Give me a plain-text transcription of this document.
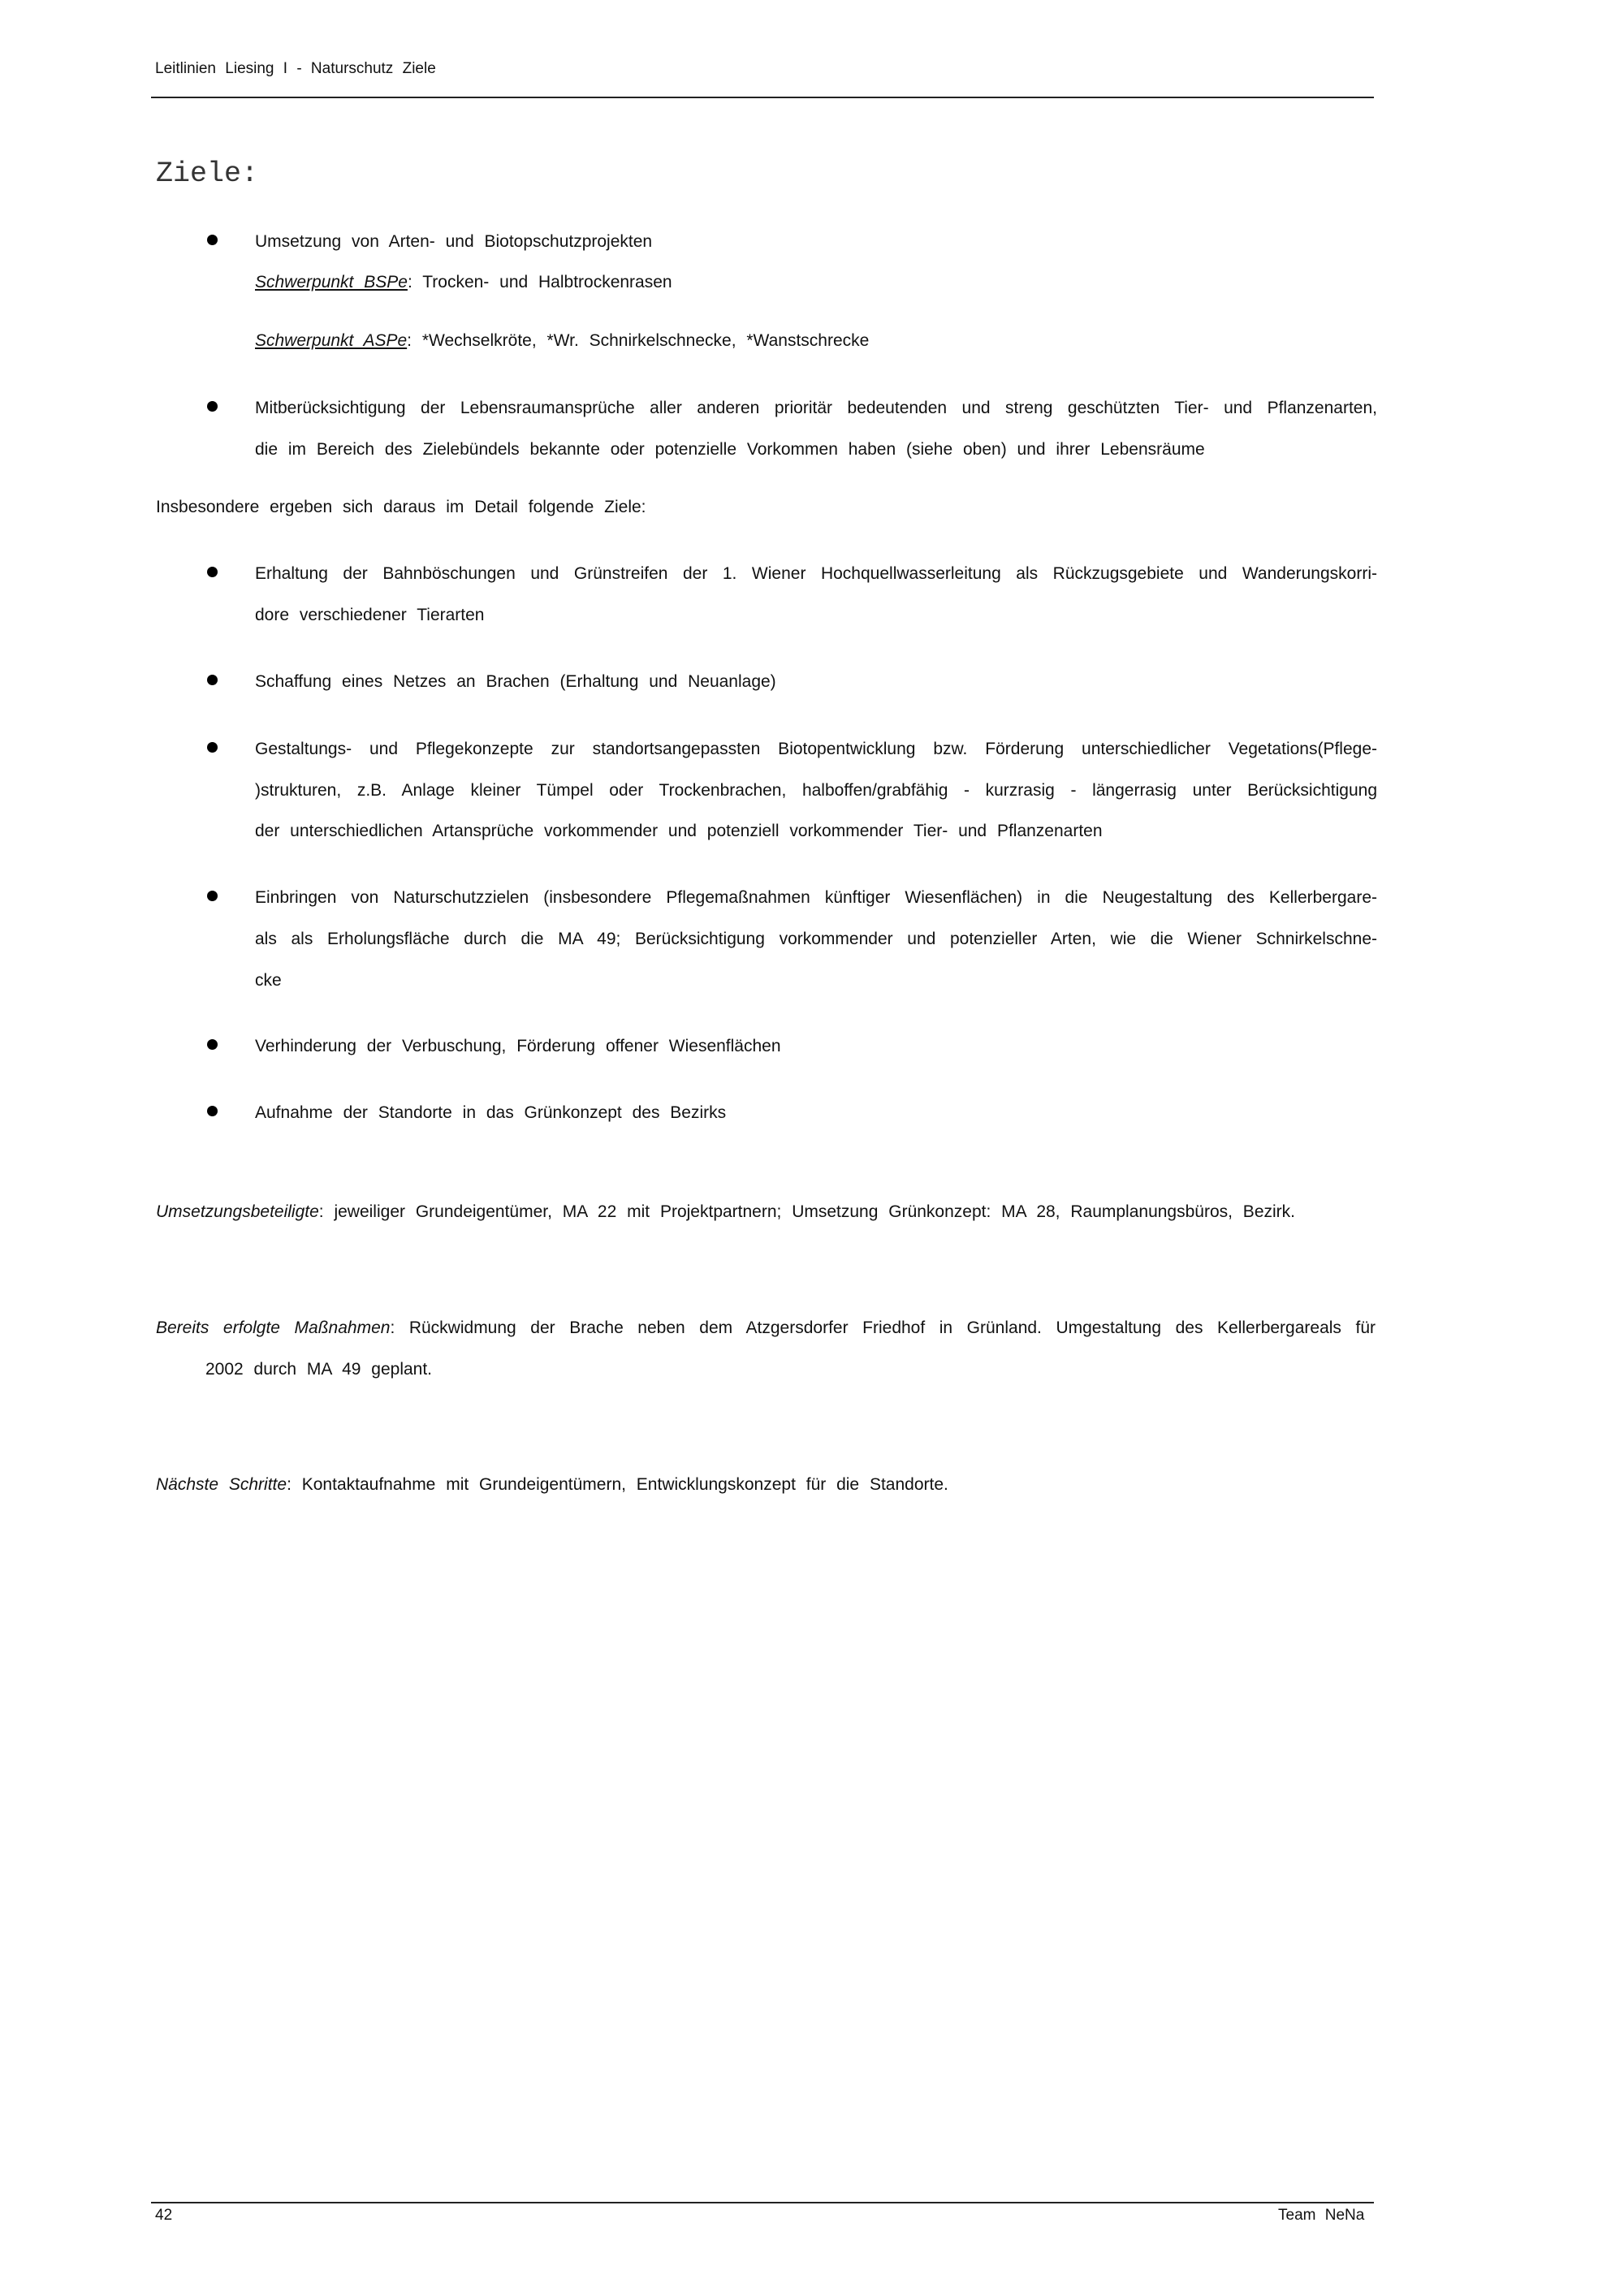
Leitlinien Liesing I - Naturschutz Ziele
Ziele:
Umsetzung von Arten- und Biotopschutzprojekten
Schwerpunkt BSPe: Trocken- und Halbtrockenrasen
Schwerpunkt ASPe: *Wechselkröte, *Wr. Schnirkelschnecke, *Wanstschrecke
Mitberücksichtigung der Lebensraumansprüche aller anderen prioritär bedeutenden und streng geschützten Tier- und Pflanzenarten,
die im Bereich des Zielebündels bekannte oder potenzielle Vorkommen haben (siehe oben) und ihrer Lebensräume
Insbesondere ergeben sich daraus im Detail folgende Ziele:
Erhaltung der Bahnböschungen und Grünstreifen der 1. Wiener Hochquellwasserleitung als Rückzugsgebiete und Wanderungskorri-
dore verschiedener Tierarten
Schaffung eines Netzes an Brachen (Erhaltung und Neuanlage)
Gestaltungs- und Pflegekonzepte zur standortsangepassten Biotopentwicklung bzw. Förderung unterschiedlicher Vegetations(Pflege-
)strukturen, z.B. Anlage kleiner Tümpel oder Trockenbrachen, halboffen/grabfähig - kurzrasig - längerrasig unter Berücksichtigung
der unterschiedlichen Artansprüche vorkommender und potenziell vorkommender Tier- und Pflanzenarten
Einbringen von Naturschutzzielen (insbesondere Pflegemaßnahmen künftiger Wiesenflächen) in die Neugestaltung des Kellerbergare-
als als Erholungsfläche durch die MA 49; Berücksichtigung vorkommender und potenzieller Arten, wie die Wiener Schnirkelschne-
cke
Verhinderung der Verbuschung, Förderung offener Wiesenflächen
Aufnahme der Standorte in das Grünkonzept des Bezirks
Umsetzungsbeteiligte: jeweiliger Grundeigentümer, MA 22 mit Projektpartnern; Umsetzung Grünkonzept: MA 28, Raumplanungsbüros, Bezirk.
Bereits erfolgte Maßnahmen: Rückwidmung der Brache neben dem Atzgersdorfer Friedhof in Grünland. Umgestaltung des Kellerbergareals für
2002 durch MA 49 geplant.
Nächste Schritte: Kontaktaufnahme mit Grundeigentümern, Entwicklungskonzept für die Standorte.
42	Team NeNa
